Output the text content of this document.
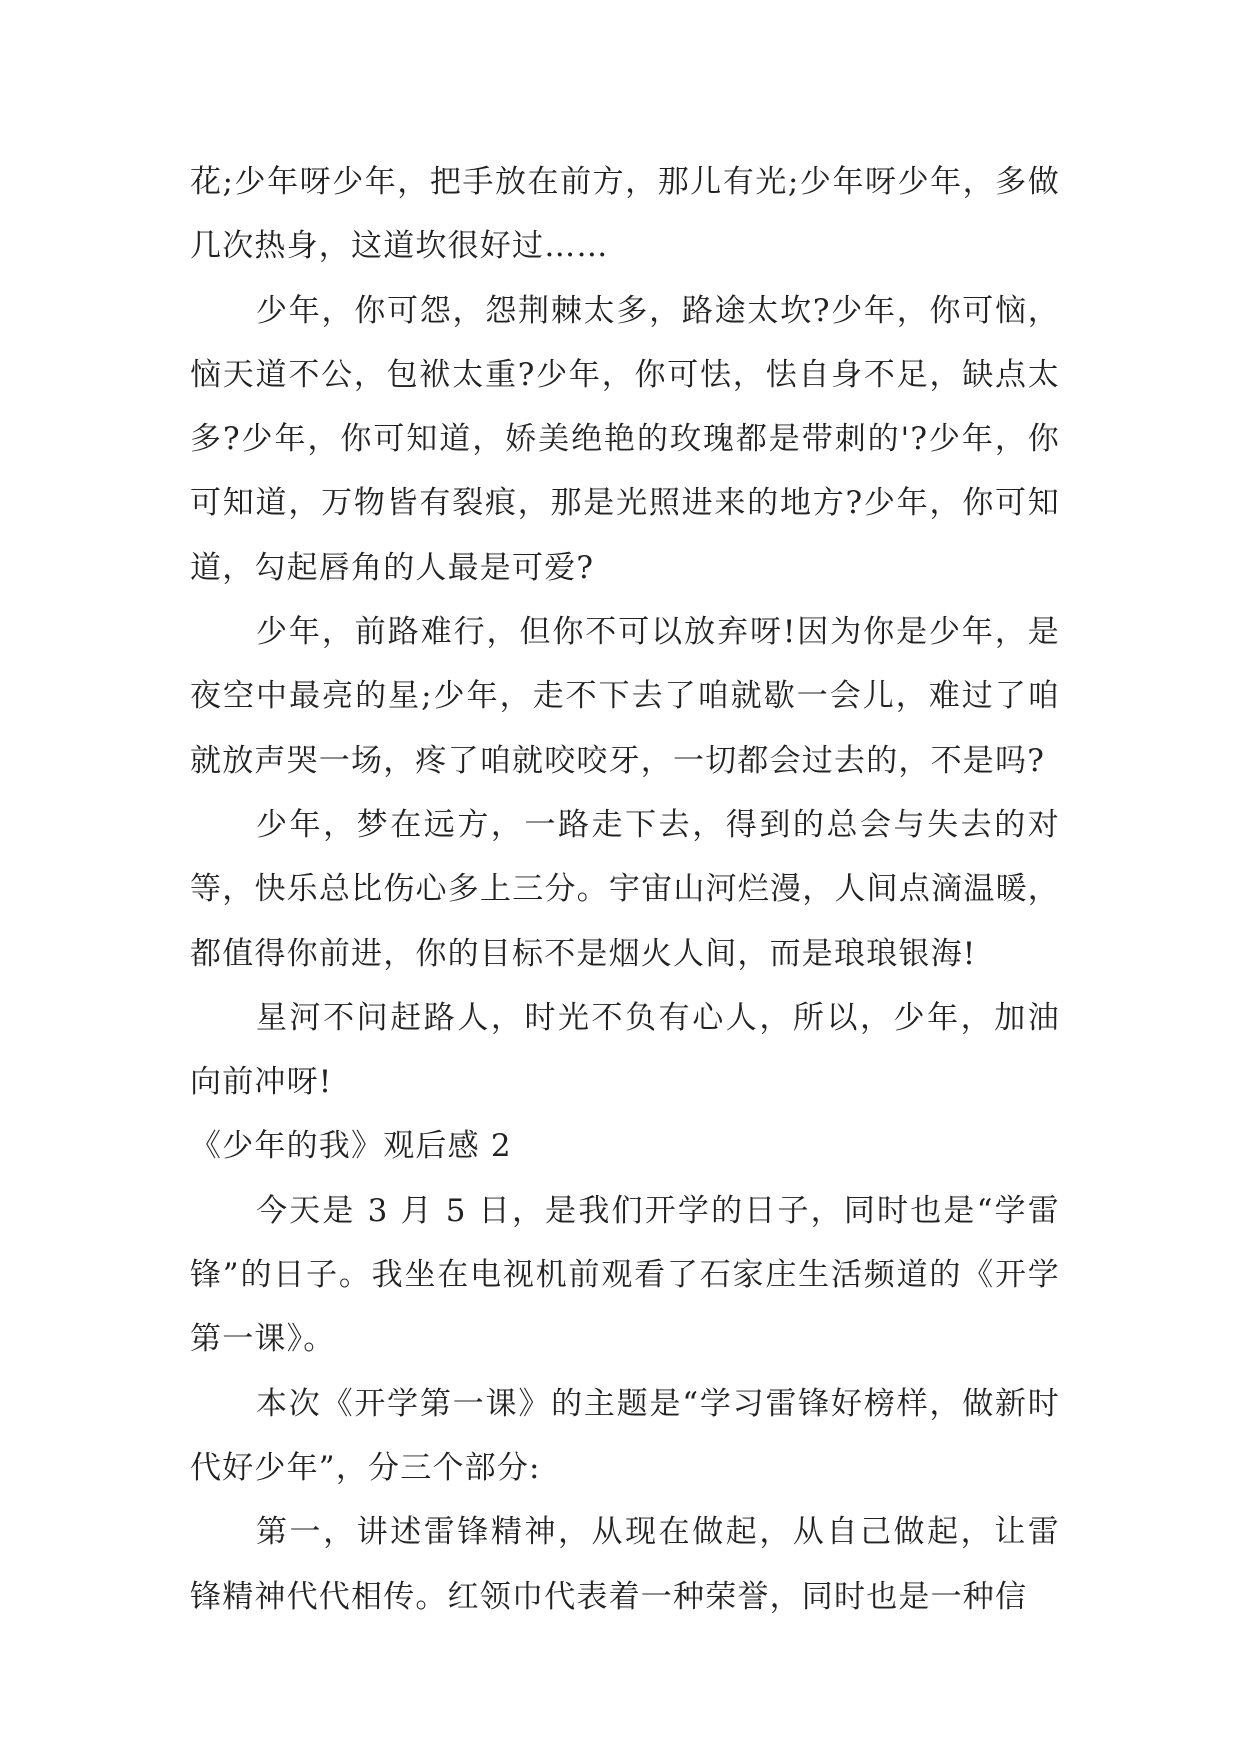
花;少年呀少年，把手放在前方，那儿有光;少年呀少年，多做几次热身，这道坎很好过……

少年，你可怨，怨荆棘太多，路途太坎?少年，你可恼，恼天道不公，包袱太重?少年，你可怯，怯自身不足，缺点太多?少年，你可知道，娇美绝艳的玫瑰都是带刺的'?少年，你可知道，万物皆有裂痕，那是光照进来的地方?少年，你可知道，勾起唇角的人最是可爱?

少年，前路难行，但你不可以放弃呀!因为你是少年，是夜空中最亮的星;少年，走不下去了咱就歇一会儿，难过了咱就放声哭一场，疼了咱就咬咬牙，一切都会过去的，不是吗?

少年，梦在远方，一路走下去，得到的总会与失去的对等，快乐总比伤心多上三分。宇宙山河烂漫，人间点滴温暖，都值得你前进，你的目标不是烟火人间，而是琅琅银海!

星河不问赶路人，时光不负有心人，所以，少年，加油向前冲呀!

《少年的我》观后感 2

今天是 3 月 5 日，是我们开学的日子，同时也是“学雷锋”的日子。我坐在电视机前观看了石家庄生活频道的《开学第一课》。

本次《开学第一课》的主题是“学习雷锋好榜样，做新时代好少年”，分三个部分:

第一，讲述雷锋精神，从现在做起，从自己做起，让雷锋精神代代相传。红领巾代表着一种荣誉，同时也是一种信
